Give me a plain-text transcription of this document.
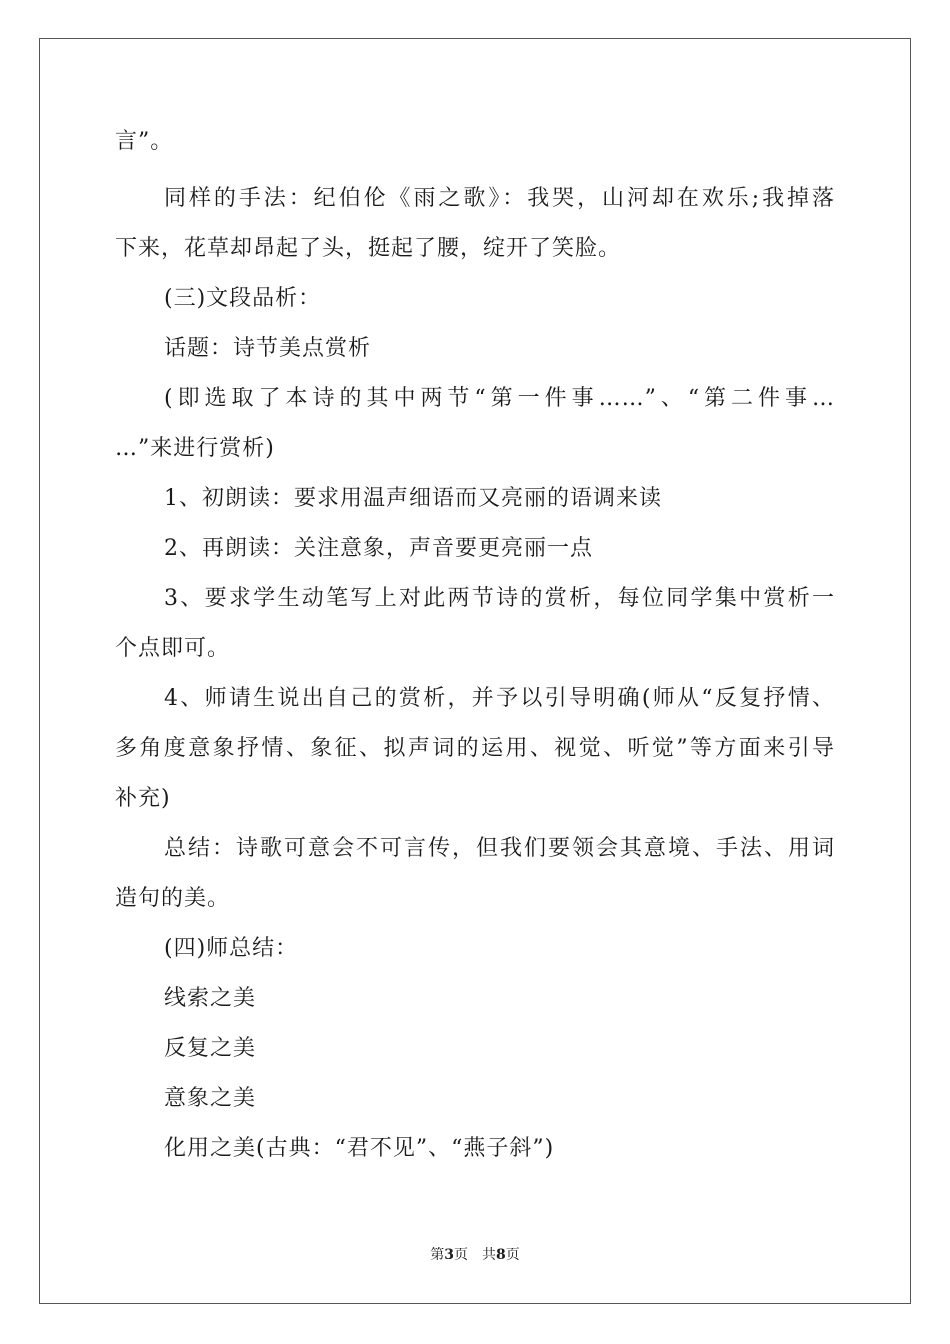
言”。
同样的手法：纪伯伦《雨之歌》：我哭，山河却在欢乐;我掉落
下来，花草却昂起了头，挺起了腰，绽开了笑脸。
(三)文段品析：
话题：诗节美点赏析
(即选取了本诗的其中两节“第一件事……”、“第二件事…
…”来进行赏析)
1、初朗读：要求用温声细语而又亮丽的语调来读
2、再朗读：关注意象，声音要更亮丽一点
3、要求学生动笔写上对此两节诗的赏析，每位同学集中赏析一
个点即可。
4、师请生说出自己的赏析，并予以引导明确(师从“反复抒情、
多角度意象抒情、象征、拟声词的运用、视觉、听觉”等方面来引导
补充)
总结：诗歌可意会不可言传，但我们要领会其意境、手法、用词
造句的美。
(四)师总结：
线索之美
反复之美
意象之美
化用之美(古典：“君不见”、“燕子斜”)
第3页 共8页
